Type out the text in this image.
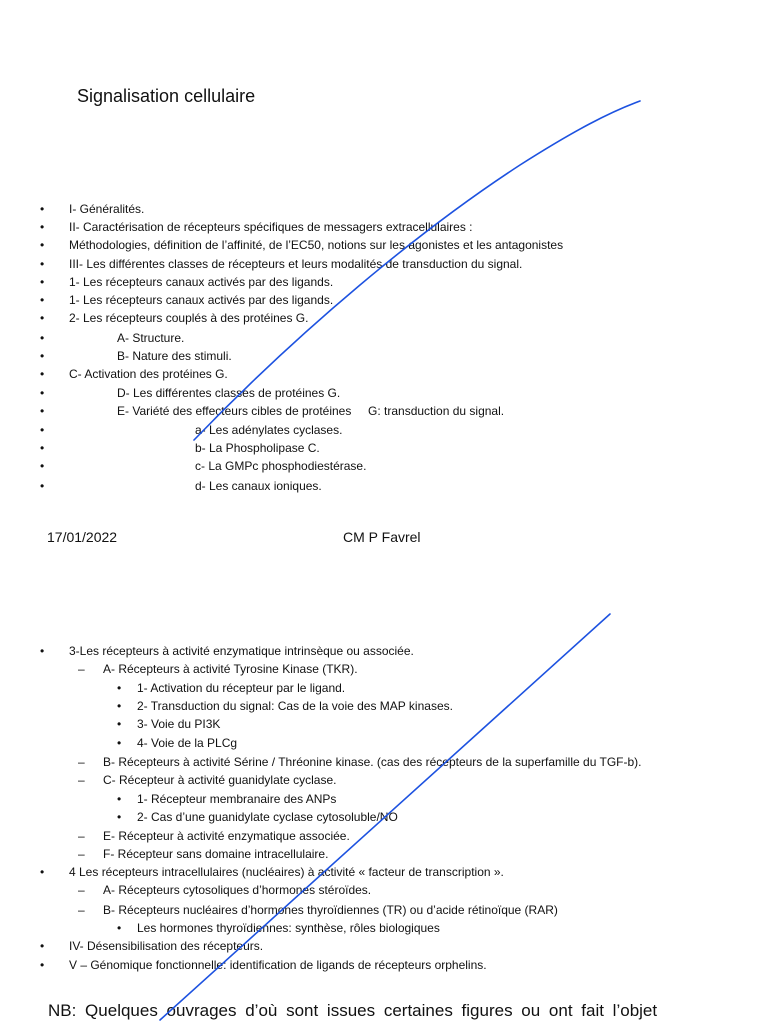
Signalisation cellulaire
• I- Généralités.
• II- Caractérisation de récepteurs spécifiques de messagers extracellulaires :
• Méthodologies, définition de l’affinité, de l’EC50, notions sur les agonistes et les antagonistes
• III- Les différentes classes de récepteurs et leurs modalités de transduction du signal.
• 1- Les récepteurs canaux activés par des ligands.
• 1- Les récepteurs canaux activés par des ligands.
• 2- Les récepteurs couplés à des protéines G.
•	A- Structure.
•	B- Nature des stimuli.
• C- Activation des protéines G.
•	D- Les différentes classes de protéines G.
•	E- Variété des effecteurs cibles de protéines     G: transduction du signal.
•	a- Les adénylates cyclases.
•	b- La Phospholipase C.
•	c- La GMPc phosphodiestérase.
•	d- Les canaux ioniques.
17/01/2022	CM P Favrel
• 3-Les récepteurs à activité enzymatique intrinsèque ou associée.
– A- Récepteurs à activité Tyrosine Kinase (TKR).
• 1- Activation du récepteur par le ligand.
• 2- Transduction du signal: Cas de la voie des MAP kinases.
• 3- Voie du PI3K
• 4- Voie de la PLCg
– B- Récepteurs à activité Sérine / Thréonine kinase. (cas des récepteurs de la superfamille du TGF-b).
– C- Récepteur à activité guanidylate cyclase.
• 1- Récepteur membranaire des ANPs
• 2- Cas d’une guanidylate cyclase cytosoluble/NO
– E- Récepteur à activité enzymatique associée.
– F- Récepteur sans domaine intracellulaire.
• 4 Les récepteurs intracellulaires (nucléaires) à activité « facteur de transcription ».
– A- Récepteurs cytosoliques d’hormones stéroïdes.
– B- Récepteurs nucléaires d’hormones thyroïdiennes (TR) ou d’acide rétinoïque (RAR)
• Les hormones thyroïdiennes: synthèse, rôles biologiques
• IV- Désensibilisation des récepteurs.
• V – Génomique fonctionnelle: identification de ligands de récepteurs orphelins.
NB: Quelques ouvrages d’où sont issues certaines figures ou ont fait l’objet
